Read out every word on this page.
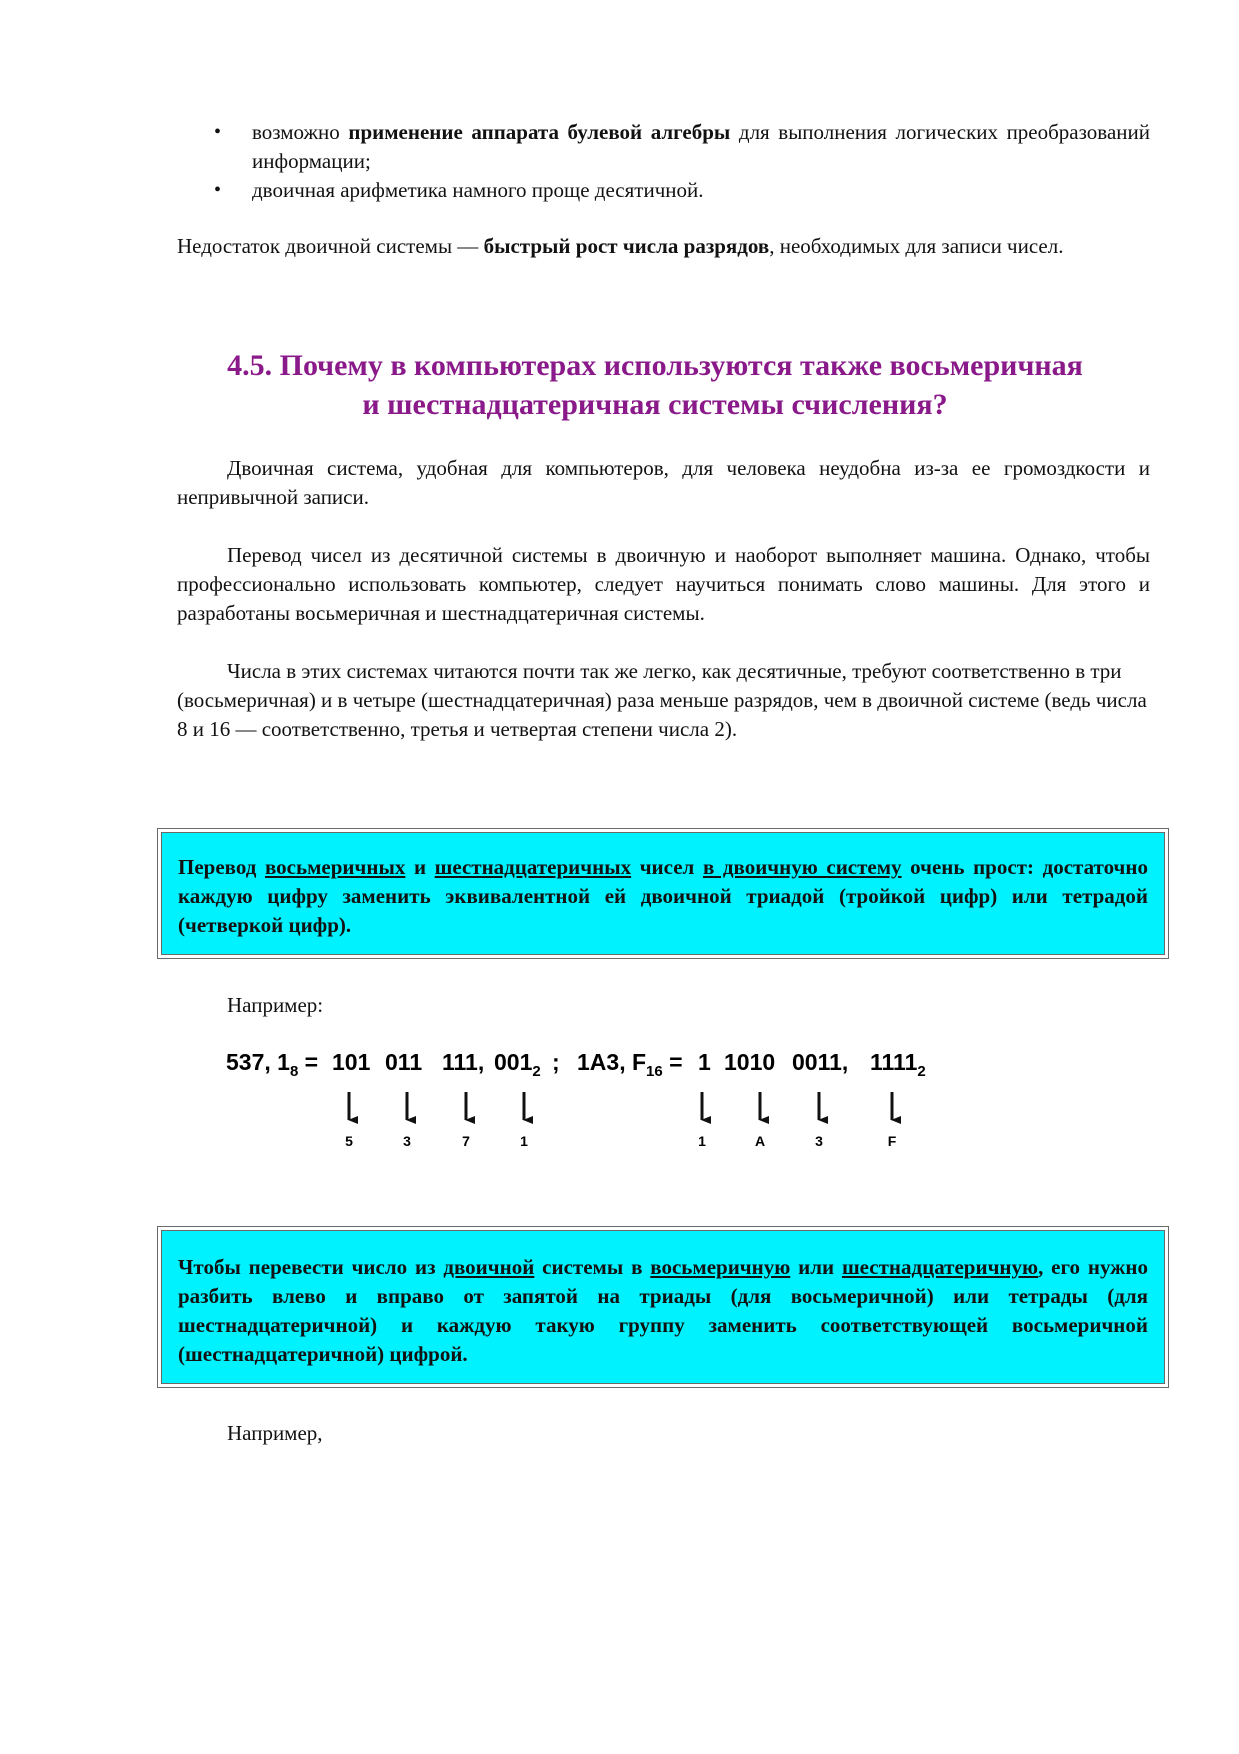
• возможно применение аппарата булевой алгебры для выполнения логических преобразований информации;
• двоичная арифметика намного проще десятичной.

Недостаток двоичной системы — быстрый рост числа разрядов, необходимых для записи чисел.

4.5. Почему в компьютерах используются также восьмеричная
и шестнадцатеричная системы счисления?

Двоичная система, удобная для компьютеров, для человека неудобна из-за ее громоздкости и непривычной записи.

Перевод чисел из десятичной системы в двоичную и наоборот выполняет машина. Однако, чтобы профессионально использовать компьютер, следует научиться понимать слово машины. Для этого и разработаны восьмеричная и шестнадцатеричная системы.

Числа в этих системах читаются почти так же легко, как десятичные, требуют соответственно в три (восьмеричная) и в четыре (шестнадцатеричная) раза меньше разрядов, чем в двоичной системе (ведь числа 8 и 16 — соответственно, третья и четвертая степени числа 2).

Перевод восьмеричных и шестнадцатеричных чисел в двоичную систему очень прост: достаточно каждую цифру заменить эквивалентной ей двоичной триадой (тройкой цифр) или тетрадой (четверкой цифр).

Например:
537, $1_8 = 101$ 011 111, $001_2$ ; 1A3, $F_{16} = 1$ 1010 0011, $1111_2$
5	3	7	1	1	A	3	F

Чтобы перевести число из двоичной системы в восьмеричную или шестнадцатеричную, его нужно разбить влево и вправо от запятой на триады (для восьмеричной) или тетрады (для шестнадцатеричной) и каждую такую группу заменить соответствующей восьмеричной (шестнадцатеричной) цифрой.

Например,
